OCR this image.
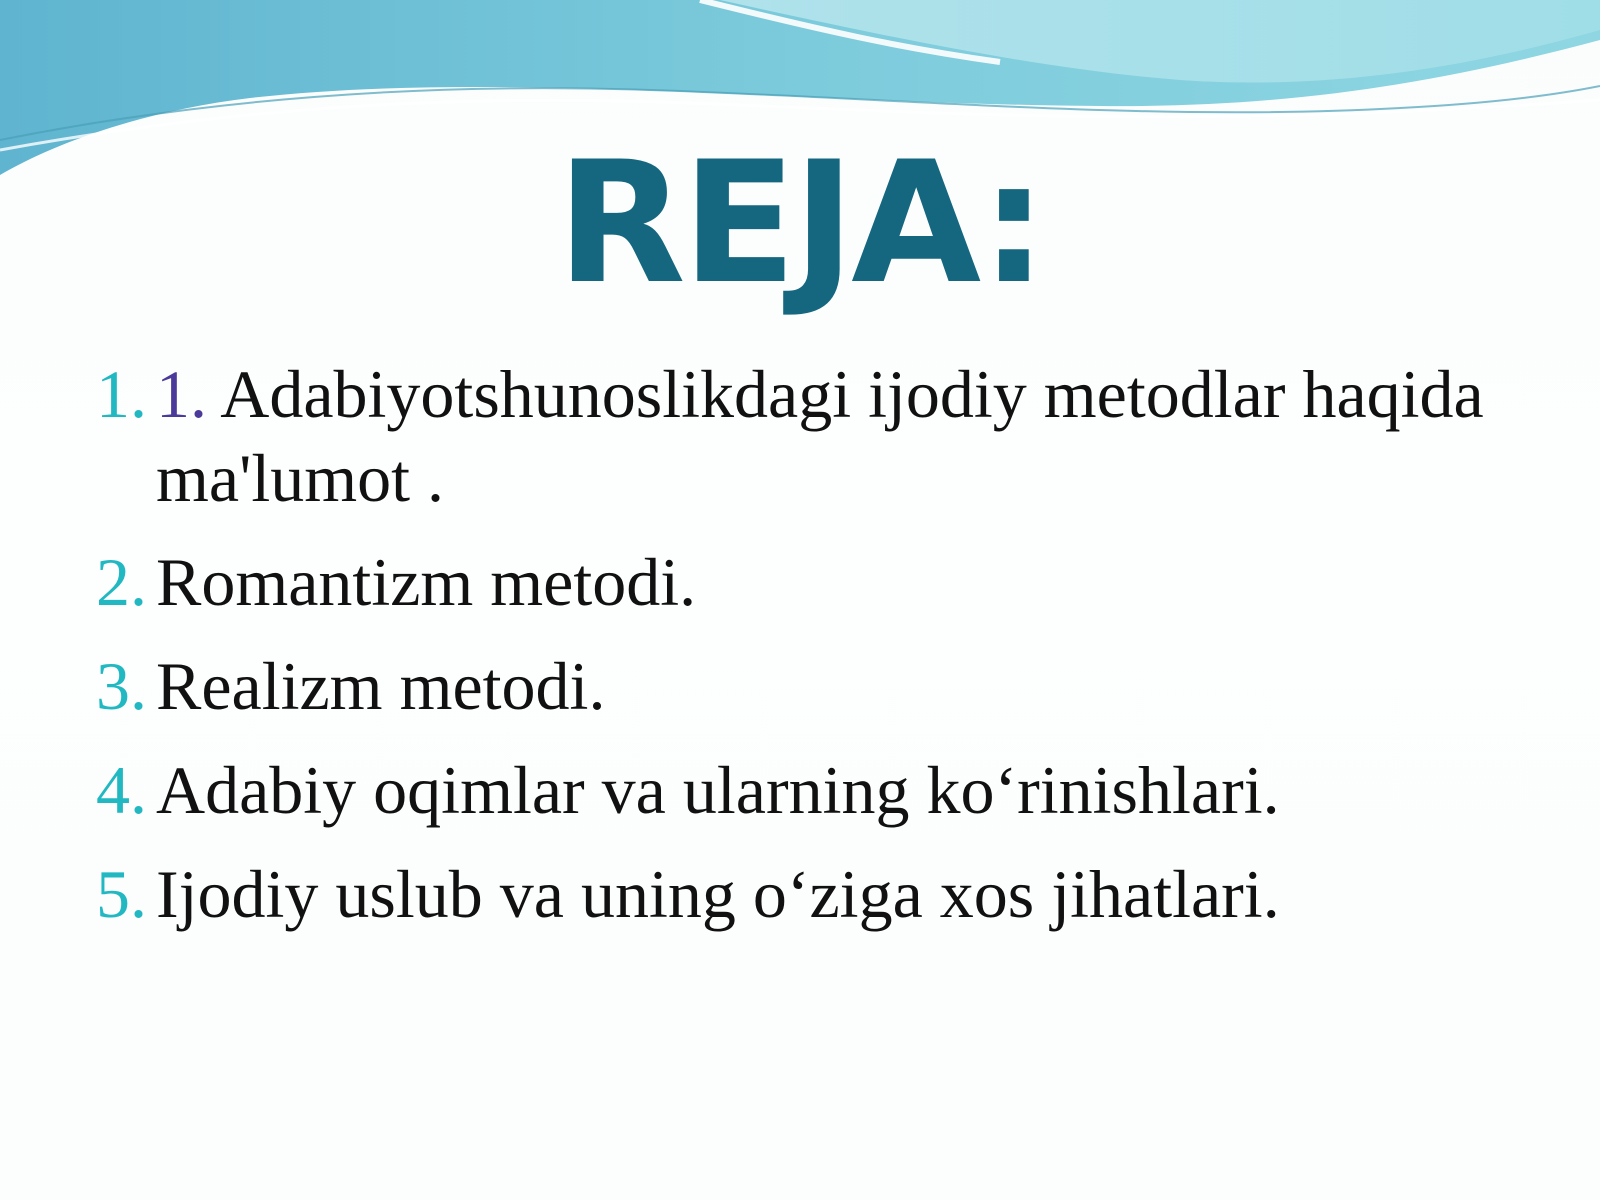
REJA:
1. 1. Adabiyotshunoslikdagi ijodiy metodlar haqida ma'lumot .
2. Romantizm metodi.
3. Realizm metodi.
4. Adabiy oqimlar va ularning ko‘rinishlari.
5. Ijodiy uslub va uning o‘ziga xos jihatlari.
